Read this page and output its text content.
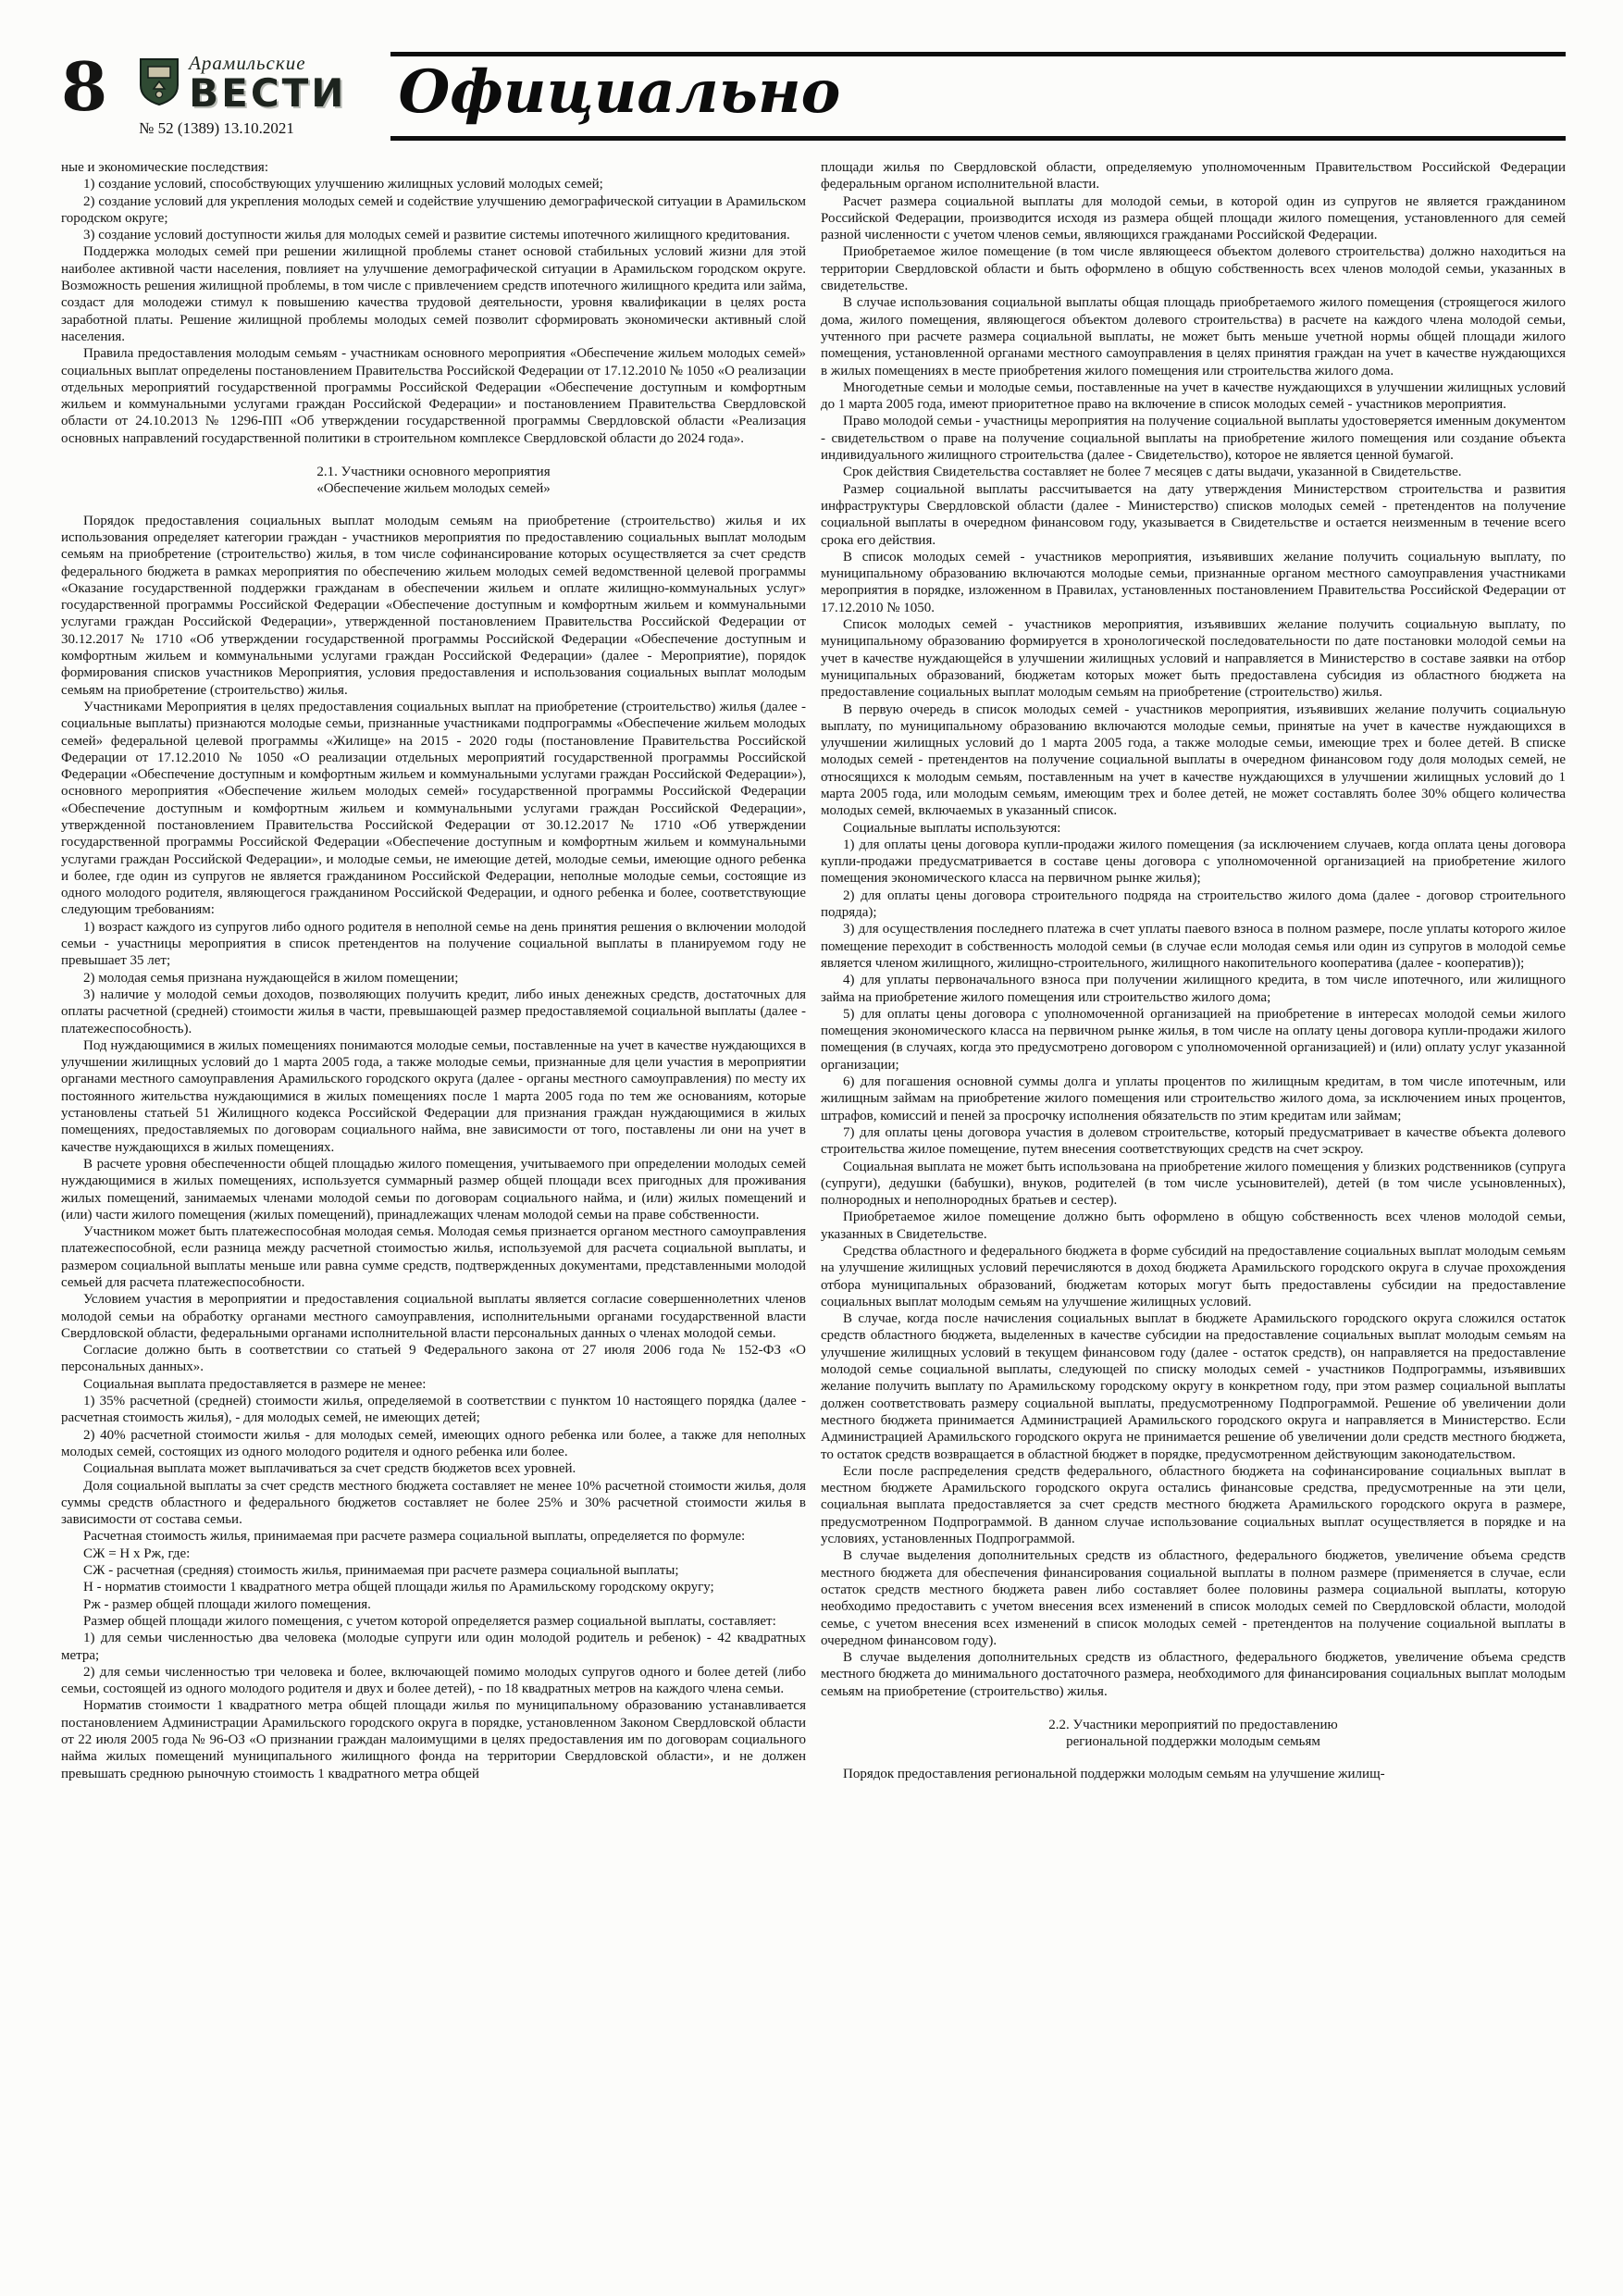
8	Арамильские
ВЕСТИ
№ 52 (1389) 13.10.2021
Официально

ные и экономические последствия:

1) создание условий, способствующих улучшению жилищных условий молодых семей;

2) создание условий для укрепления молодых семей и содействие улучшению демографической ситуации в Арамильском городском округе;

3) создание условий доступности жилья для молодых семей и развитие системы ипотечного жилищного кредитования.

Поддержка молодых семей при решении жилищной проблемы станет основой стабильных условий жизни для этой наиболее активной части населения, повлияет на улучшение демографической ситуации в Арамильском городском округе. Возможность решения жилищной проблемы, в том числе с привлечением средств ипотечного жилищного кредита или займа, создаст для молодежи стимул к повышению качества трудовой деятельности, уровня квалификации в целях роста заработной платы. Решение жилищной проблемы молодых семей позволит сформировать экономически активный слой населения.

Правила предоставления молодым семьям - участникам основного мероприятия «Обеспечение жильем молодых семей» социальных выплат определены постановлением Правительства Российской Федерации от 17.12.2010 № 1050 «О реализации отдельных мероприятий государственной программы Российской Федерации «Обеспечение доступным и комфортным жильем и коммунальными услугами граждан Российской Федерации» и постановлением Правительства Свердловской области от 24.10.2013 № 1296-ПП «Об утверждении государственной программы Свердловской области «Реализация основных направлений государственной политики в строительном комплексе Свердловской области до 2024 года».

2.1. Участники основного мероприятия

«Обеспечение жильем молодых семей»

Порядок предоставления социальных выплат молодым семьям на приобретение (строительство) жилья и их использования определяет категории граждан - участников мероприятия по предоставлению социальных выплат молодым семьям на приобретение (строительство) жилья, в том числе софинансирование которых осуществляется за счет средств федерального бюджета в рамках мероприятия по обеспечению жильем молодых семей ведомственной целевой программы «Оказание государственной поддержки гражданам в обеспечении жильем и оплате жилищно-коммунальных услуг» государственной программы Российской Федерации «Обеспечение доступным и комфортным жильем и коммунальными услугами граждан Российской Федерации», утвержденной постановлением Правительства Российской Федерации от 30.12.2017 № 1710 «Об утверждении государственной программы Российской Федерации «Обеспечение доступным и комфортным жильем и коммунальными услугами граждан Российской Федерации» (далее - Мероприятие), порядок формирования списков участников Мероприятия, условия предоставления и использования социальных выплат молодым семьям на приобретение (строительство) жилья.

Участниками Мероприятия в целях предоставления социальных выплат на приобретение (строительство) жилья (далее - социальные выплаты) признаются молодые семьи, признанные участниками подпрограммы «Обеспечение жильем молодых семей» федеральной целевой программы «Жилище» на 2015 - 2020 годы (постановление Правительства Российской Федерации от 17.12.2010 № 1050 «О реализации отдельных мероприятий государственной программы Российской Федерации «Обеспечение доступным и комфортным жильем и коммунальными услугами граждан Российской Федерации»), основного мероприятия «Обеспечение жильем молодых семей» государственной программы Российской Федерации «Обеспечение доступным и комфортным жильем и коммунальными услугами граждан Российской Федерации», утвержденной постановлением Правительства Российской Федерации от 30.12.2017 № 1710 «Об утверждении государственной программы Российской Федерации «Обеспечение доступным и комфортным жильем и коммунальными услугами граждан Российской Федерации», и молодые семьи, не имеющие детей, молодые семьи, имеющие одного ребенка и более, где один из супругов не является гражданином Российской Федерации, неполные молодые семьи, состоящие из одного молодого родителя, являющегося гражданином Российской Федерации, и одного ребенка и более, соответствующие следующим требованиям:

1) возраст каждого из супругов либо одного родителя в неполной семье на день принятия решения о включении молодой семьи - участницы мероприятия в список претендентов на получение социальной выплаты в планируемом году не превышает 35 лет;

2) молодая семья признана нуждающейся в жилом помещении;

3) наличие у молодой семьи доходов, позволяющих получить кредит, либо иных денежных средств, достаточных для оплаты расчетной (средней) стоимости жилья в части, превышающей размер предоставляемой социальной выплаты (далее - платежеспособность).

Под нуждающимися в жилых помещениях понимаются молодые семьи, поставленные на учет в качестве нуждающихся в улучшении жилищных условий до 1 марта 2005 года, а также молодые семьи, признанные для цели участия в мероприятии органами местного самоуправления Арамильского городского округа (далее - органы местного самоуправления) по месту их постоянного жительства нуждающимися в жилых помещениях после 1 марта 2005 года по тем же основаниям, которые установлены статьей 51 Жилищного кодекса Российской Федерации для признания граждан нуждающимися в жилых помещениях, предоставляемых по договорам социального найма, вне зависимости от того, поставлены ли они на учет в качестве нуждающихся в жилых помещениях.

В расчете уровня обеспеченности общей площадью жилого помещения, учитываемого при определении молодых семей нуждающимися в жилых помещениях, используется суммарный размер общей площади всех пригодных для проживания жилых помещений, занимаемых членами молодой семьи по договорам социального найма, и (или) жилых помещений и (или) части жилого помещения (жилых помещений), принадлежащих членам молодой семьи на праве собственности.

Участником может быть платежеспособная молодая семья. Молодая семья признается органом местного самоуправления платежеспособной, если разница между расчетной стоимостью жилья, используемой для расчета социальной выплаты, и размером социальной выплаты меньше или равна сумме средств, подтвержденных документами, представленными молодой семьей для расчета платежеспособности.

Условием участия в мероприятии и предоставления социальной выплаты является согласие совершеннолетних членов молодой семьи на обработку органами местного самоуправления, исполнительными органами государственной власти Свердловской области, федеральными органами исполнительной власти персональных данных о членах молодой семьи.

Согласие должно быть в соответствии со статьей 9 Федерального закона от 27 июля 2006 года № 152-ФЗ «О персональных данных».

Социальная выплата предоставляется в размере не менее:

1) 35% расчетной (средней) стоимости жилья, определяемой в соответствии с пунктом 10 настоящего порядка (далее - расчетная стоимость жилья), - для молодых семей, не имеющих детей;

2) 40% расчетной стоимости жилья - для молодых семей, имеющих одного ребенка или более, а также для неполных молодых семей, состоящих из одного молодого родителя и одного ребенка или более.

Социальная выплата может выплачиваться за счет средств бюджетов всех уровней.

Доля социальной выплаты за счет средств местного бюджета составляет не менее 10% расчетной стоимости жилья, доля суммы средств областного и федерального бюджетов составляет не более 25% и 30% расчетной стоимости жилья в зависимости от состава семьи.

Расчетная стоимость жилья, принимаемая при расчете размера социальной выплаты, определяется по формуле:

СЖ = Н х Рж, где:

СЖ - расчетная (средняя) стоимость жилья, принимаемая при расчете размера социальной выплаты;

Н - норматив стоимости 1 квадратного метра общей площади жилья по Арамильскому городскому округу;

Рж - размер общей площади жилого помещения.

Размер общей площади жилого помещения, с учетом которой определяется размер социальной выплаты, составляет:

1) для семьи численностью два человека (молодые супруги или один молодой родитель и ребенок) - 42 квадратных метра;

2) для семьи численностью три человека и более, включающей помимо молодых супругов одного и более детей (либо семьи, состоящей из одного молодого родителя и двух и более детей), - по 18 квадратных метров на каждого члена семьи.

Норматив стоимости 1 квадратного метра общей площади жилья по муниципальному образованию устанавливается постановлением Администрации Арамильского городского округа в порядке, установленном Законом Свердловской области от 22 июля 2005 года № 96-ОЗ «О признании граждан малоимущими в целях предоставления им по договорам социального найма жилых помещений муниципального жилищного фонда на территории Свердловской области», и не должен превышать среднюю рыночную стоимость 1 квадратного метра общей

площади жилья по Свердловской области, определяемую уполномоченным Правительством Российской Федерации федеральным органом исполнительной власти.

Расчет размера социальной выплаты для молодой семьи, в которой один из супругов не является гражданином Российской Федерации, производится исходя из размера общей площади жилого помещения, установленного для семей разной численности с учетом членов семьи, являющихся гражданами Российской Федерации.

Приобретаемое жилое помещение (в том числе являющееся объектом долевого строительства) должно находиться на территории Свердловской области и быть оформлено в общую собственность всех членов молодой семьи, указанных в свидетельстве.

В случае использования социальной выплаты общая площадь приобретаемого жилого помещения (строящегося жилого дома, жилого помещения, являющегося объектом долевого строительства) в расчете на каждого члена молодой семьи, учтенного при расчете размера социальной выплаты, не может быть меньше учетной нормы общей площади жилого помещения, установленной органами местного самоуправления в целях принятия граждан на учет в качестве нуждающихся в жилых помещениях в месте приобретения жилого помещения или строительства жилого дома.

Многодетные семьи и молодые семьи, поставленные на учет в качестве нуждающихся в улучшении жилищных условий до 1 марта 2005 года, имеют приоритетное право на включение в список молодых семей - участников мероприятия.

Право молодой семьи - участницы мероприятия на получение социальной выплаты удостоверяется именным документом - свидетельством о праве на получение социальной выплаты на приобретение жилого помещения или создание объекта индивидуального жилищного строительства (далее - Свидетельство), которое не является ценной бумагой.

Срок действия Свидетельства составляет не более 7 месяцев с даты выдачи, указанной в Свидетельстве.

Размер социальной выплаты рассчитывается на дату утверждения Министерством строительства и развития инфраструктуры Свердловской области (далее - Министерство) списков молодых семей - претендентов на получение социальной выплаты в очередном финансовом году, указывается в Свидетельстве и остается неизменным в течение всего срока его действия.

В список молодых семей - участников мероприятия, изъявивших желание получить социальную выплату, по муниципальному образованию включаются молодые семьи, признанные органом местного самоуправления участниками мероприятия в порядке, изложенном в Правилах, установленных постановлением Правительства Российской Федерации от 17.12.2010 № 1050.

Список молодых семей - участников мероприятия, изъявивших желание получить социальную выплату, по муниципальному образованию формируется в хронологической последовательности по дате постановки молодой семьи на учет в качестве нуждающейся в улучшении жилищных условий и направляется в Министерство в составе заявки на отбор муниципальных образований, бюджетам которых может быть предоставлена субсидия из областного бюджета на предоставление социальных выплат молодым семьям на приобретение (строительство) жилья.

В первую очередь в список молодых семей - участников мероприятия, изъявивших желание получить социальную выплату, по муниципальному образованию включаются молодые семьи, принятые на учет в качестве нуждающихся в улучшении жилищных условий до 1 марта 2005 года, а также молодые семьи, имеющие трех и более детей. В списке молодых семей - претендентов на получение социальной выплаты в очередном финансовом году доля молодых семей, не относящихся к молодым семьям, поставленным на учет в качестве нуждающихся в улучшении жилищных условий до 1 марта 2005 года, или молодым семьям, имеющим трех и более детей, не может составлять более 30% общего количества молодых семей, включаемых в указанный список.

Социальные выплаты используются:

1) для оплаты цены договора купли-продажи жилого помещения (за исключением случаев, когда оплата цены договора купли-продажи предусматривается в составе цены договора с уполномоченной организацией на приобретение жилого помещения экономического класса на первичном рынке жилья);

2) для оплаты цены договора строительного подряда на строительство жилого дома (далее - договор строительного подряда);

3) для осуществления последнего платежа в счет уплаты паевого взноса в полном размере, после уплаты которого жилое помещение переходит в собственность молодой семьи (в случае если молодая семья или один из супругов в молодой семье является членом жилищного, жилищно-строительного, жилищного накопительного кооператива (далее - кооператив));

4) для уплаты первоначального взноса при получении жилищного кредита, в том числе ипотечного, или жилищного займа на приобретение жилого помещения или строительство жилого дома;

5) для оплаты цены договора с уполномоченной организацией на приобретение в интересах молодой семьи жилого помещения экономического класса на первичном рынке жилья, в том числе на оплату цены договора купли-продажи жилого помещения (в случаях, когда это предусмотрено договором с уполномоченной организацией) и (или) оплату услуг указанной организации;

6) для погашения основной суммы долга и уплаты процентов по жилищным кредитам, в том числе ипотечным, или жилищным займам на приобретение жилого помещения или строительство жилого дома, за исключением иных процентов, штрафов, комиссий и пеней за просрочку исполнения обязательств по этим кредитам или займам;

7) для оплаты цены договора участия в долевом строительстве, который предусматривает в качестве объекта долевого строительства жилое помещение, путем внесения соответствующих средств на счет эскроу.

Социальная выплата не может быть использована на приобретение жилого помещения у близких родственников (супруга (супруги), дедушки (бабушки), внуков, родителей (в том числе усыновителей), детей (в том числе усыновленных), полнородных и неполнородных братьев и сестер).

Приобретаемое жилое помещение должно быть оформлено в общую собственность всех членов молодой семьи, указанных в Свидетельстве.

Средства областного и федерального бюджета в форме субсидий на предоставление социальных выплат молодым семьям на улучшение жилищных условий перечисляются в доход бюджета Арамильского городского округа в случае прохождения отбора муниципальных образований, бюджетам которых могут быть предоставлены субсидии на предоставление социальных выплат молодым семьям на улучшение жилищных условий.

В случае, когда после начисления социальных выплат в бюджете Арамильского городского округа сложился остаток средств областного бюджета, выделенных в качестве субсидии на предоставление социальных выплат молодым семьям на улучшение жилищных условий в текущем финансовом году (далее - остаток средств), он направляется на предоставление молодой семье социальной выплаты, следующей по списку молодых семей - участников Подпрограммы, изъявивших желание получить выплату по Арамильскому городскому округу в конкретном году, при этом размер социальной выплаты должен соответствовать размеру социальной выплаты, предусмотренному Подпрограммой. Решение об увеличении доли местного бюджета принимается Администрацией Арамильского городского округа и направляется в Министерство. Если Администрацией Арамильского городского округа не принимается решение об увеличении доли средств местного бюджета, то остаток средств возвращается в областной бюджет в порядке, предусмотренном действующим законодательством.

Если после распределения средств федерального, областного бюджета на софинансирование социальных выплат в местном бюджете Арамильского городского округа остались финансовые средства, предусмотренные на эти цели, социальная выплата предоставляется за счет средств местного бюджета Арамильского городского округа в размере, предусмотренном Подпрограммой. В данном случае использование социальных выплат осуществляется в порядке и на условиях, установленных Подпрограммой.

В случае выделения дополнительных средств из областного, федерального бюджетов, увеличение объема средств местного бюджета для обеспечения финансирования социальной выплаты в полном размере (применяется в случае, если остаток средств местного бюджета равен либо составляет более половины размера социальной выплаты, которую необходимо предоставить с учетом внесения всех изменений в список молодых семей по Свердловской области, молодой семье, с учетом внесения всех изменений в список молодых семей - претендентов на получение социальной выплаты в очередном финансовом году).

В случае выделения дополнительных средств из областного, федерального бюджетов, увеличение объема средств местного бюджета до минимального достаточного размера, необходимого для финансирования социальных выплат молодым семьям на приобретение (строительство) жилья.

2.2. Участники мероприятий по предоставлению

региональной поддержки молодым семьям

Порядок предоставления региональной поддержки молодым семьям на улучшение жилищ-
